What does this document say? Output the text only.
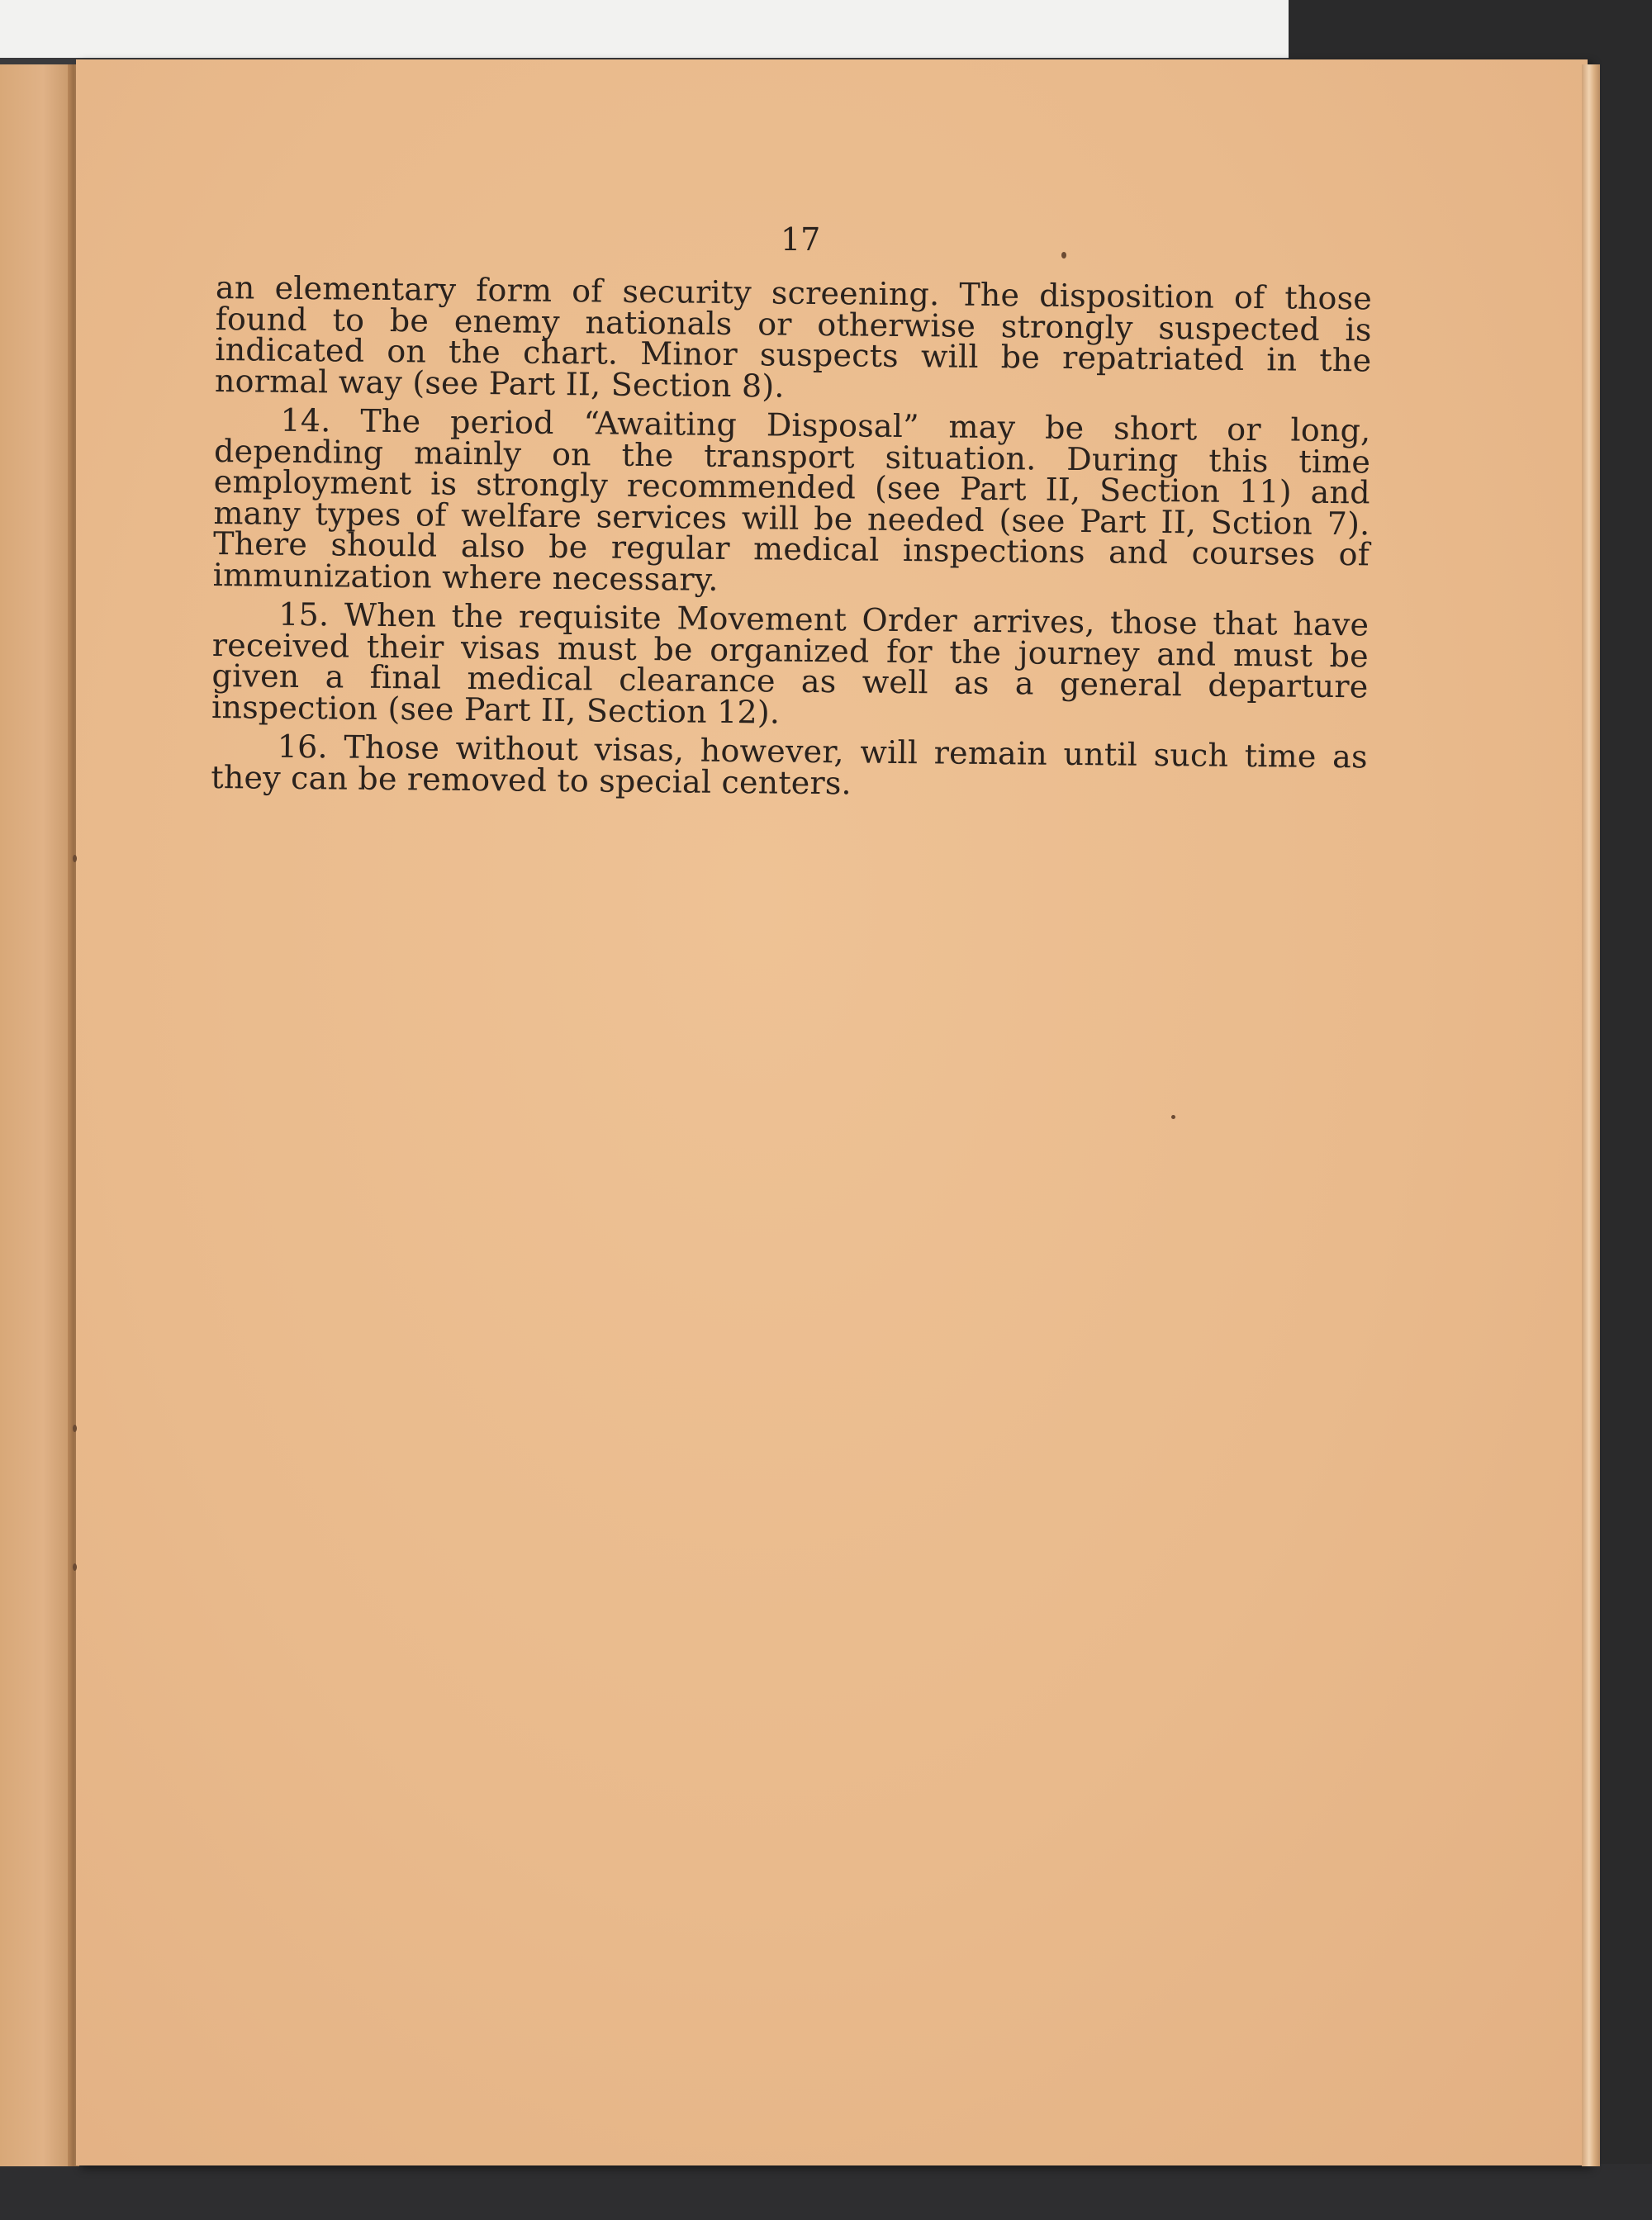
17

an elementary form of security screening. The disposition of those found to be enemy nationals or otherwise strongly suspected is indicated on the chart. Minor suspects will be repatriated in the normal way (see Part II, Section 8).

14. The period “Awaiting Disposal” may be short or long, depending mainly on the transport situation. During this time employment is strongly recommended (see Part II, Section 11) and many types of welfare services will be needed (see Part II, Sction 7). There should also be regular medical inspections and courses of immunization where necessary.

15. When the requisite Movement Order arrives, those that have received their visas must be organized for the journey and must be given a final medical clearance as well as a general departure inspection (see Part II, Section 12).

16. Those without visas, however, will remain until such time as they can be removed to special centers.
